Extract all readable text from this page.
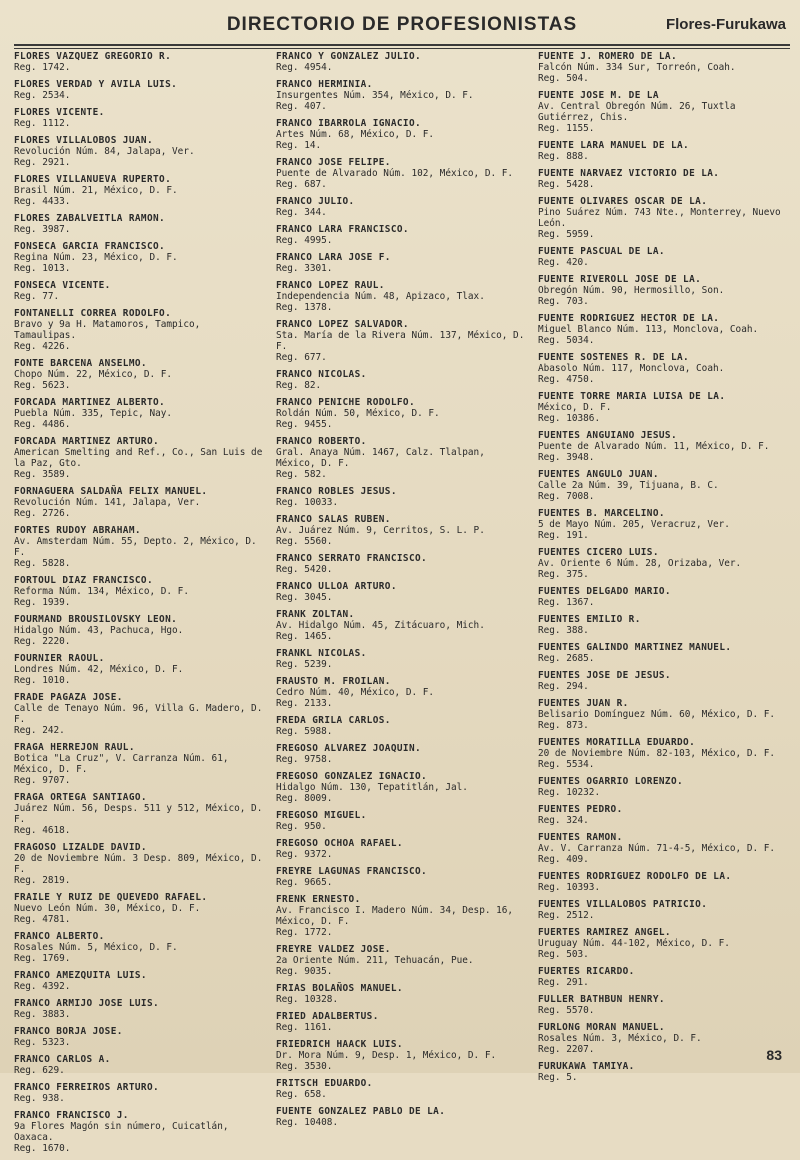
DIRECTORIO DE PROFESIONISTAS	Flores-Furukawa
FLORES VAZQUEZ GREGORIO R.
Reg. 1742.
FLORES VERDAD Y AVILA LUIS.
Reg. 2534.
FLORES VICENTE.
Reg. 1112.
FLORES VILLALOBOS JUAN.
Revolución Núm. 84, Jalapa, Ver.
Reg. 2921.
FLORES VILLANUEVA RUPERTO.
Brasil Núm. 21, México, D. F.
Reg. 4433.
FLORES ZABALVEITLA RAMON.
Reg. 3987.
FONSECA GARCIA FRANCISCO.
Regina Núm. 23, México, D. F.
Reg. 1013.
FONSECA VICENTE.
Reg. 77.
FONTANELLI CORREA RODOLFO.
Bravo y 9a H. Matamoros, Tampico, Tamaulipas.
Reg. 4226.
FONTE BARCENA ANSELMO.
Chopo Núm. 22, México, D. F.
Reg. 5623.
FORCADA MARTINEZ ALBERTO.
Puebla Núm. 335, Tepic, Nay.
Reg. 4486.
FORCADA MARTINEZ ARTURO.
American Smelting and Ref., Co., San Luis de la Paz, Gto.
Reg. 3589.
FORNAGUERA SALDAÑA FELIX MANUEL.
Revolución Núm. 141, Jalapa, Ver.
Reg. 2726.
FORTES RUDOY ABRAHAM.
Av. Amsterdam Núm. 55, Depto. 2, México, D. F.
Reg. 5828.
FORTOUL DIAZ FRANCISCO.
Reforma Núm. 134, México, D. F.
Reg. 1939.
FOURMAND BROUSILOVSKY LEON.
Hidalgo Núm. 43, Pachuca, Hgo.
Reg. 2220.
FOURNIER RAOUL.
Londres Núm. 42, México, D. F.
Reg. 1010.
FRADE PAGAZA JOSE.
Calle de Tenayo Núm. 96, Villa G. Madero, D. F.
Reg. 242.
FRAGA HERREJON RAUL.
Botica "La Cruz", V. Carranza Núm. 61, México, D. F.
Reg. 9707.
FRAGA ORTEGA SANTIAGO.
Juárez Núm. 56, Desps. 511 y 512, México, D. F.
Reg. 4618.
FRAGOSO LIZALDE DAVID.
20 de Noviembre Núm. 3 Desp. 809, México, D. F.
Reg. 2819.
FRAILE Y RUIZ DE QUEVEDO RAFAEL.
Nuevo León Núm. 30, México, D. F.
Reg. 4781.
FRANCO ALBERTO.
Rosales Núm. 5, México, D. F.
Reg. 1769.
FRANCO AMEZQUITA LUIS.
Reg. 4392.
FRANCO ARMIJO JOSE LUIS.
Reg. 3883.
FRANCO BORJA JOSE.
Reg. 5323.
FRANCO CARLOS A.
Reg. 629.
FRANCO FERREIROS ARTURO.
Reg. 938.
FRANCO FRANCISCO J.
9a Flores Magón sin número, Cuicatlán, Oaxaca.
Reg. 1670.
FRANCO Y GONZALEZ JULIO.
Reg. 4954.
FRANCO HERMINIA.
Insurgentes Núm. 354, México, D. F.
Reg. 407.
FRANCO IBARROLA IGNACIO.
Artes Núm. 68, México, D. F.
Reg. 14.
FRANCO JOSE FELIPE.
Puente de Alvarado Núm. 102, México, D. F.
Reg. 687.
FRANCO JULIO.
Reg. 344.
FRANCO LARA FRANCISCO.
Reg. 4995.
FRANCO LARA JOSE F.
Reg. 3301.
FRANCO LOPEZ RAUL.
Independencia Núm. 48, Apizaco, Tlax.
Reg. 1378.
FRANCO LOPEZ SALVADOR.
Sta. María de la Rivera Núm. 137, México, D. F.
Reg. 677.
FRANCO NICOLAS.
Reg. 82.
FRANCO PENICHE RODOLFO.
Roldán Núm. 50, México, D. F.
Reg. 9455.
FRANCO ROBERTO.
Gral. Anaya Núm. 1467, Calz. Tlalpan, México, D. F.
Reg. 582.
FRANCO ROBLES JESUS.
Reg. 10033.
FRANCO SALAS RUBEN.
Av. Juárez Núm. 9, Cerritos, S. L. P.
Reg. 5560.
FRANCO SERRATO FRANCISCO.
Reg. 5420.
FRANCO ULLOA ARTURO.
Reg. 3045.
FRANK ZOLTAN.
Av. Hidalgo Núm. 45, Zitácuaro, Mich.
Reg. 1465.
FRANKL NICOLAS.
Reg. 5239.
FRAUSTO M. FROILAN.
Cedro Núm. 40, México, D. F.
Reg. 2133.
FREDA GRILA CARLOS.
Reg. 5988.
FREGOSO ALVAREZ JOAQUIN.
Reg. 9758.
FREGOSO GONZALEZ IGNACIO.
Hidalgo Núm. 130, Tepatitlán, Jal.
Reg. 8009.
FREGOSO MIGUEL.
Reg. 950.
FREGOSO OCHOA RAFAEL.
Reg. 9372.
FREYRE LAGUNAS FRANCISCO.
Reg. 9665.
FRENK ERNESTO.
Av. Francisco I. Madero Núm. 34, Desp. 16, México, D. F.
Reg. 1772.
FREYRE VALDEZ JOSE.
2a Oriente Núm. 211, Tehuacán, Pue.
Reg. 9035.
FRIAS BOLAÑOS MANUEL.
Reg. 10328.
FRIED ADALBERTUS.
Reg. 1161.
FRIEDRICH HAACK LUIS.
Dr. Mora Núm. 9, Desp. 1, México, D. F.
Reg. 3530.
FRITSCH EDUARDO.
Reg. 658.
FUENTE GONZALEZ PABLO DE LA.
Reg. 10408.
FUENTE J. ROMERO DE LA.
Falcón Núm. 334 Sur, Torreón, Coah.
Reg. 504.
FUENTE JOSE M. DE LA
Av. Central Obregón Núm. 26, Tuxtla Gutiérrez, Chis.
Reg. 1155.
FUENTE LARA MANUEL DE LA.
Reg. 888.
FUENTE NARVAEZ VICTORIO DE LA.
Reg. 5428.
FUENTE OLIVARES OSCAR DE LA.
Pino Suárez Núm. 743 Nte., Monterrey, Nuevo León.
Reg. 5959.
FUENTE PASCUAL DE LA.
Reg. 420.
FUENTE RIVEROLL JOSE DE LA.
Obregón Núm. 90, Hermosillo, Son.
Reg. 703.
FUENTE RODRIGUEZ HECTOR DE LA.
Miguel Blanco Núm. 113, Monclova, Coah.
Reg. 5034.
FUENTE SOSTENES R. DE LA.
Abasolo Núm. 117, Monclova, Coah.
Reg. 4750.
FUENTE TORRE MARIA LUISA DE LA.
México, D. F.
Reg. 10386.
FUENTES ANGUIANO JESUS.
Puente de Alvarado Núm. 11, México, D. F.
Reg. 3948.
FUENTES ANGULO JUAN.
Calle 2a Núm. 39, Tijuana, B. C.
Reg. 7008.
FUENTES B. MARCELINO.
5 de Mayo Núm. 205, Veracruz, Ver.
Reg. 191.
FUENTES CICERO LUIS.
Av. Oriente 6 Núm. 28, Orizaba, Ver.
Reg. 375.
FUENTES DELGADO MARIO.
Reg. 1367.
FUENTES EMILIO R.
Reg. 388.
FUENTES GALINDO MARTINEZ MANUEL.
Reg. 2685.
FUENTES JOSE DE JESUS.
Reg. 294.
FUENTES JUAN R.
Belisario Domínguez Núm. 60, México, D. F.
Reg. 873.
FUENTES MORATILLA EDUARDO.
20 de Noviembre Núm. 82-103, México, D. F.
Reg. 5534.
FUENTES OGARRIO LORENZO.
Reg. 10232.
FUENTES PEDRO.
Reg. 324.
FUENTES RAMON.
Av. V. Carranza Núm. 71-4-5, México, D. F.
Reg. 409.
FUENTES RODRIGUEZ RODOLFO DE LA.
Reg. 10393.
FUENTES VILLALOBOS PATRICIO.
Reg. 2512.
FUERTES RAMIREZ ANGEL.
Uruguay Núm. 44-102, México, D. F.
Reg. 503.
FUERTES RICARDO.
Reg. 291.
FULLER BATHBUN HENRY.
Reg. 5570.
FURLONG MORAN MANUEL.
Rosales Núm. 3, México, D. F.
Reg. 2207.
FURUKAWA TAMIYA.
Reg. 5.
83
